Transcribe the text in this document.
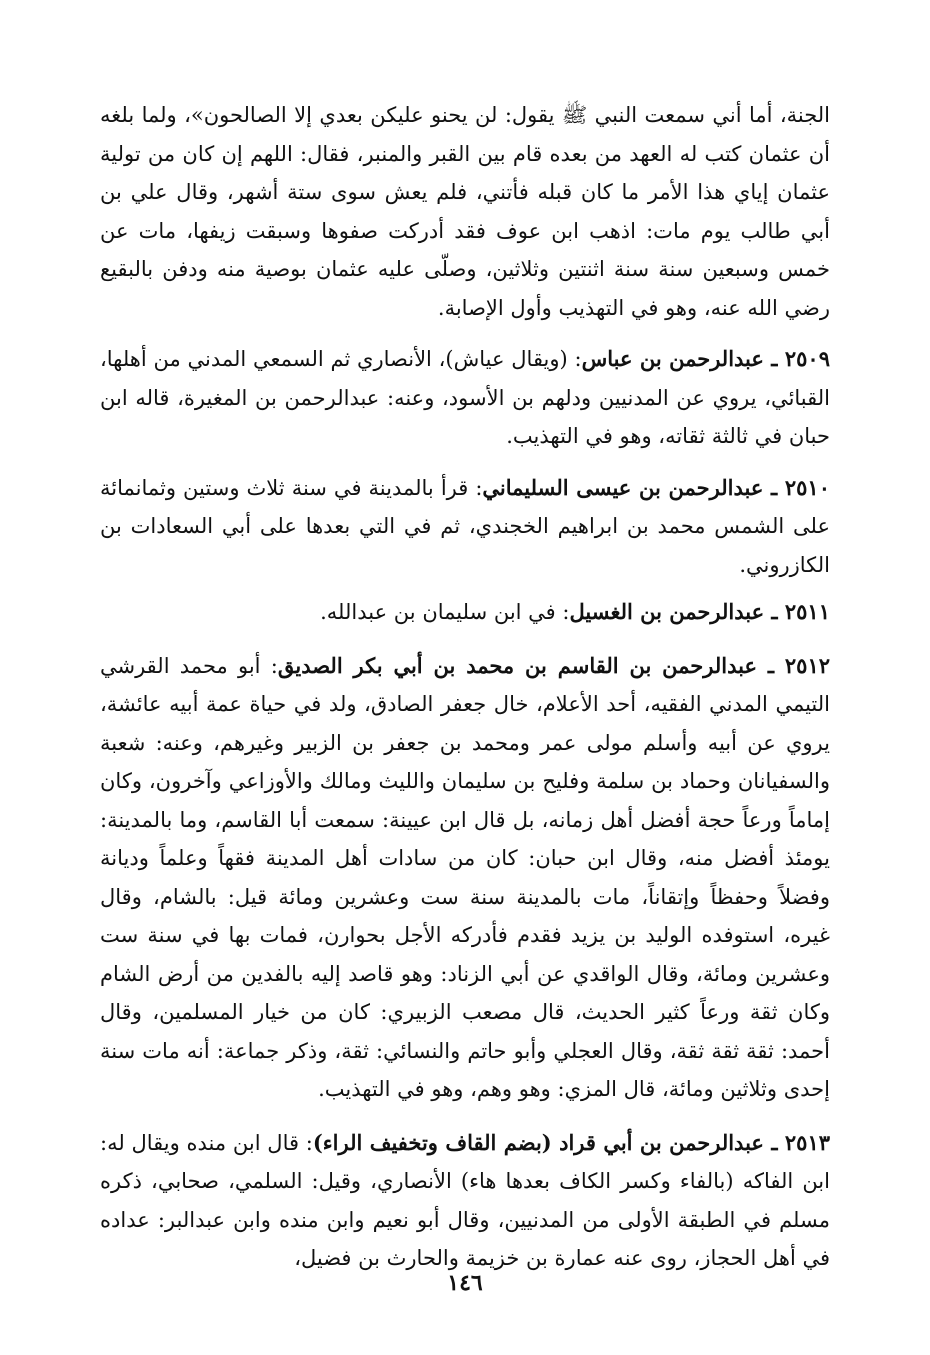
الجنة، أما أني سمعت النبي ﷺ يقول: لن يحنو عليكن بعدي إلا الصالحون»، ولما بلغه أن عثمان كتب له العهد من بعده قام بين القبر والمنبر، فقال: اللهم إن كان من تولية عثمان إياي هذا الأمر ما كان قبله فأتني، فلم يعش سوى ستة أشهر، وقال علي بن أبي طالب يوم مات: اذهب ابن عوف فقد أدركت صفوها وسبقت زيفها، مات عن خمس وسبعين سنة سنة اثنتين وثلاثين، وصلّى عليه عثمان بوصية منه ودفن بالبقيع رضي الله عنه، وهو في التهذيب وأول الإصابة.

٢٥٠٩ ـ عبدالرحمن بن عباس: (ويقال عياش)، الأنصاري ثم السمعي المدني من أهلها، القبائي، يروي عن المدنيين ودلهم بن الأسود، وعنه: عبدالرحمن بن المغيرة، قاله ابن حبان في ثالثة ثقاته، وهو في التهذيب.

٢٥١٠ ـ عبدالرحمن بن عيسى السليماني: قرأ بالمدينة في سنة ثلاث وستين وثمانمائة على الشمس محمد بن ابراهيم الخجندي، ثم في التي بعدها على أبي السعادات بن الكازروني.

٢٥١١ ـ عبدالرحمن بن الغسيل: في ابن سليمان بن عبدالله.

٢٥١٢ ـ عبدالرحمن بن القاسم بن محمد بن أبي بكر الصديق: أبو محمد القرشي التيمي المدني الفقيه، أحد الأعلام، خال جعفر الصادق، ولد في حياة عمة أبيه عائشة، يروي عن أبيه وأسلم مولى عمر ومحمد بن جعفر بن الزبير وغيرهم، وعنه: شعبة والسفيانان وحماد بن سلمة وفليح بن سليمان والليث ومالك والأوزاعي وآخرون، وكان إماماً ورعاً حجة أفضل أهل زمانه، بل قال ابن عيينة: سمعت أبا القاسم، وما بالمدينة: يومئذ أفضل منه، وقال ابن حبان: كان من سادات أهل المدينة فقهاً وعلماً وديانة وفضلاً وحفظاً وإتقاناً، مات بالمدينة سنة ست وعشرين ومائة قيل: بالشام، وقال غيره، استوفده الوليد بن يزيد فقدم فأدركه الأجل بحوارن، فمات بها في سنة ست وعشرين ومائة، وقال الواقدي عن أبي الزناد: وهو قاصد إليه بالفدين من أرض الشام وكان ثقة ورعاً كثير الحديث، قال مصعب الزبيري: كان من خيار المسلمين، وقال أحمد: ثقة ثقة ثقة، وقال العجلي وأبو حاتم والنسائي: ثقة، وذكر جماعة: أنه مات سنة إحدى وثلاثين ومائة، قال المزي: وهو وهم، وهو في التهذيب.

٢٥١٣ ـ عبدالرحمن بن أبي قراد (بضم القاف وتخفيف الراء): قال ابن منده ويقال له: ابن الفاكه (بالفاء وكسر الكاف بعدها هاء) الأنصاري، وقيل: السلمي، صحابي، ذكره مسلم في الطبقة الأولى من المدنيين، وقال أبو نعيم وابن منده وابن عبدالبر: عداده في أهل الحجاز، روى عنه عمارة بن خزيمة والحارث بن فضيل،

١٤٦
